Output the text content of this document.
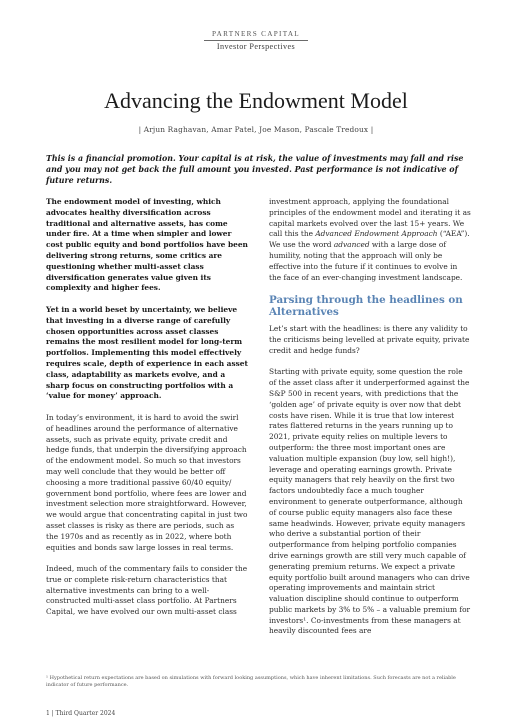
PARTNERS CAPITAL
Investor Perspectives
Advancing the Endowment Model
| Arjun Raghavan, Amar Patel, Joe Mason, Pascale Tredoux |
This is a financial promotion. Your capital is at risk, the value of investments may fall and rise and you may not get back the full amount you invested. Past performance is not indicative of future returns.

The endowment model of investing, which advocates healthy diversification across traditional and alternative assets, has come under fire. At a time when simpler and lower cost public equity and bond portfolios have been delivering strong returns, some critics are questioning whether multi-asset class diversification generates value given its complexity and higher fees.

Yet in a world beset by uncertainty, we believe that investing in a diverse range of carefully chosen opportunities across asset classes remains the most resilient model for long-term portfolios. Implementing this model effectively requires scale, depth of experience in each asset class, adaptability as markets evolve, and a sharp focus on constructing portfolios with a ‘value for money’ approach.

In today’s environment, it is hard to avoid the swirl of headlines around the performance of alternative assets, such as private equity, private credit and hedge funds, that underpin the diversifying approach of the endowment model. So much so that investors may well conclude that they would be better off choosing a more traditional passive 60/40 equity/ government bond portfolio, where fees are lower and investment selection more straightforward. However, we would argue that concentrating capital in just two asset classes is risky as there are periods, such as the 1970s and as recently as in 2022, where both equities and bonds saw large losses in real terms.

Indeed, much of the commentary fails to consider the true or complete risk-return characteristics that alternative investments can bring to a well-constructed multi-asset class portfolio. At Partners Capital, we have evolved our own multi-asset class

investment approach, applying the foundational principles of the endowment model and iterating it as capital markets evolved over the last 15+ years. We call this the Advanced Endowment Approach (“AEA”). We use the word advanced with a large dose of humility, noting that the approach will only be effective into the future if it continues to evolve in the face of an ever-changing investment landscape.

Parsing through the headlines on Alternatives

Let’s start with the headlines: is there any validity to the criticisms being levelled at private equity, private credit and hedge funds?

Starting with private equity, some question the role of the asset class after it underperformed against the S&P 500 in recent years, with predictions that the ‘golden age’ of private equity is over now that debt costs have risen. While it is true that low interest rates flattered returns in the years running up to 2021, private equity relies on multiple levers to outperform: the three most important ones are valuation multiple expansion (buy low, sell high!), leverage and operating earnings growth. Private equity managers that rely heavily on the first two factors undoubtedly face a much tougher environment to generate outperformance, although of course public equity managers also face these same headwinds. However, private equity managers who derive a substantial portion of their outperformance from helping portfolio companies drive earnings growth are still very much capable of generating premium returns. We expect a private equity portfolio built around managers who can drive operating improvements and maintain strict valuation discipline should continue to outperform public markets by 3% to 5% – a valuable premium for investors¹. Co-investments from these managers at heavily discounted fees are

¹ Hypothetical return expectations are based on simulations with forward looking assumptions, which have inherent limitations. Such forecasts are not a reliable indicator of future performance.
1 | Third Quarter 2024
